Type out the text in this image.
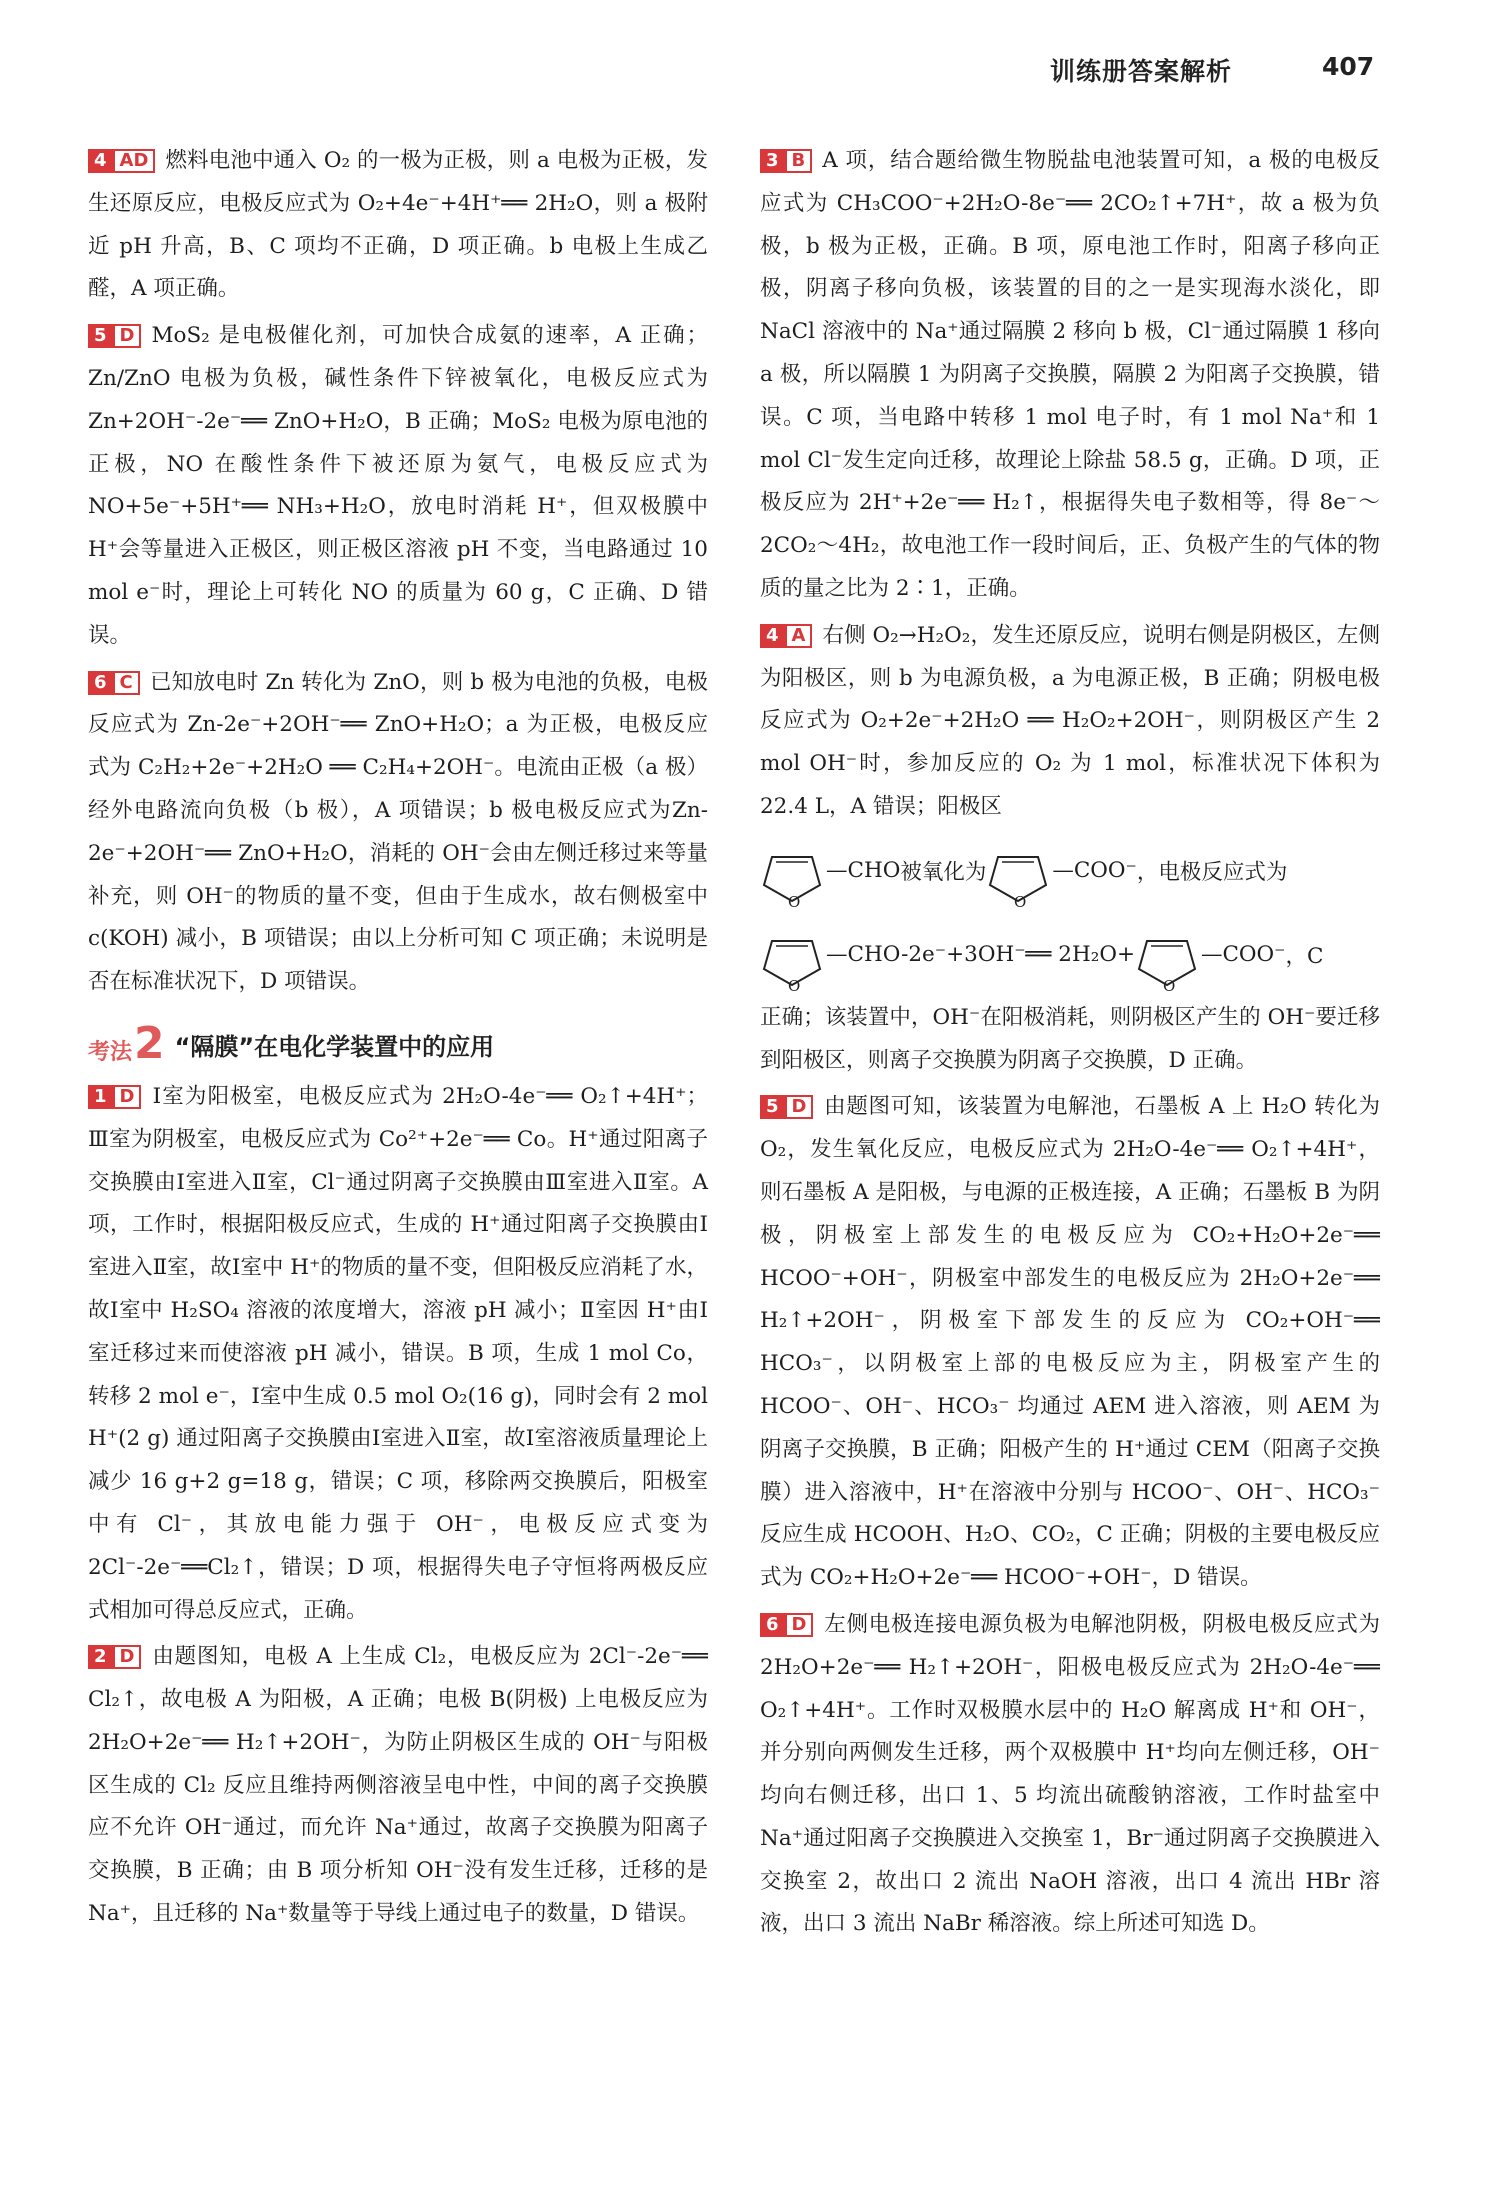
训练册答案解析	407

4 AD 燃料电池中通入 O₂ 的一极为正极，则 a 电极为正极，发生还原反应，电极反应式为 O₂+4e⁻+4H⁺══ 2H₂O，则 a 极附近 pH 升高，B、C 项均不正确，D 项正确。b 电极上生成乙醛，A 项正确。

5 D MoS₂ 是电极催化剂，可加快合成氨的速率，A 正确；Zn/ZnO 电极为负极，碱性条件下锌被氧化，电极反应式为 Zn+2OH⁻-2e⁻══ ZnO+H₂O，B 正确；MoS₂ 电极为原电池的正极，NO 在酸性条件下被还原为氨气，电极反应式为 NO+5e⁻+5H⁺══ NH₃+H₂O，放电时消耗 H⁺，但双极膜中 H⁺会等量进入正极区，则正极区溶液 pH 不变，当电路通过 10 mol e⁻时，理论上可转化 NO 的质量为 60 g，C 正确、D 错误。

6 C 已知放电时 Zn 转化为 ZnO，则 b 极为电池的负极，电极反应式为 Zn-2e⁻+2OH⁻══ ZnO+H₂O；a 为正极，电极反应式为 C₂H₂+2e⁻+2H₂O ══ C₂H₄+2OH⁻。电流由正极（a 极）经外电路流向负极（b 极），A 项错误；b 极电极反应式为Zn-2e⁻+2OH⁻══ ZnO+H₂O，消耗的 OH⁻会由左侧迁移过来等量补充，则 OH⁻的物质的量不变，但由于生成水，故右侧极室中 c(KOH) 减小，B 项错误；由以上分析可知 C 项正确；未说明是否在标准状况下，D 项错误。

考法 2 “隔膜”在电化学装置中的应用

1 D Ⅰ室为阳极室，电极反应式为 2H₂O-4e⁻══ O₂↑+4H⁺；Ⅲ室为阴极室，电极反应式为 Co²⁺+2e⁻══ Co。H⁺通过阳离子交换膜由Ⅰ室进入Ⅱ室，Cl⁻通过阴离子交换膜由Ⅲ室进入Ⅱ室。A 项，工作时，根据阳极反应式，生成的 H⁺通过阳离子交换膜由Ⅰ室进入Ⅱ室，故Ⅰ室中 H⁺的物质的量不变，但阳极反应消耗了水，故Ⅰ室中 H₂SO₄ 溶液的浓度增大，溶液 pH 减小；Ⅱ室因 H⁺由Ⅰ室迁移过来而使溶液 pH 减小，错误。B 项，生成 1 mol Co，转移 2 mol e⁻，Ⅰ室中生成 0.5 mol O₂(16 g)，同时会有 2 mol H⁺(2 g) 通过阳离子交换膜由Ⅰ室进入Ⅱ室，故Ⅰ室溶液质量理论上减少 16 g+2 g=18 g，错误；C 项，移除两交换膜后，阳极室中有 Cl⁻，其放电能力强于 OH⁻，电极反应式变为 2Cl⁻-2e⁻══Cl₂↑，错误；D 项，根据得失电子守恒将两极反应式相加可得总反应式，正确。

2 D 由题图知，电极 A 上生成 Cl₂，电极反应为 2Cl⁻-2e⁻══ Cl₂↑，故电极 A 为阳极，A 正确；电极 B(阴极) 上电极反应为 2H₂O+2e⁻══ H₂↑+2OH⁻，为防止阴极区生成的 OH⁻与阳极区生成的 Cl₂ 反应且维持两侧溶液呈电中性，中间的离子交换膜应不允许 OH⁻通过，而允许 Na⁺通过，故离子交换膜为阳离子交换膜，B 正确；由 B 项分析知 OH⁻没有发生迁移，迁移的是 Na⁺，且迁移的 Na⁺数量等于导线上通过电子的数量，D 错误。

3 B A 项，结合题给微生物脱盐电池装置可知，a 极的电极反应式为 CH₃COO⁻+2H₂O-8e⁻══ 2CO₂↑+7H⁺，故 a 极为负极，b 极为正极，正确。B 项，原电池工作时，阳离子移向正极，阴离子移向负极，该装置的目的之一是实现海水淡化，即 NaCl 溶液中的 Na⁺通过隔膜 2 移向 b 极，Cl⁻通过隔膜 1 移向 a 极，所以隔膜 1 为阴离子交换膜，隔膜 2 为阳离子交换膜，错误。C 项，当电路中转移 1 mol 电子时，有 1 mol Na⁺和 1 mol Cl⁻发生定向迁移，故理论上除盐 58.5 g，正确。D 项，正极反应为 2H⁺+2e⁻══ H₂↑，根据得失电子数相等，得 8e⁻～2CO₂～4H₂，故电池工作一段时间后，正、负极产生的气体的物质的量之比为 2∶1，正确。

4 A 右侧 O₂→H₂O₂，发生还原反应，说明右侧是阴极区，左侧为阳极区，则 b 为电源负极，a 为电源正极，B 正确；阴极电极反应式为 O₂+2e⁻+2H₂O ══ H₂O₂+2OH⁻，则阴极区产生 2 mol OH⁻时，参加反应的 O₂ 为 1 mol，标准状况下体积为 22.4 L，A 错误；阳极区

O
—CHO 被氧化为
O
—COO⁻ ，电极反应式为
O
—CHO-2e⁻+3OH⁻══ 2H₂O+
O
—COO⁻ ，C

正确；该装置中，OH⁻在阳极消耗，则阴极区产生的 OH⁻要迁移到阳极区，则离子交换膜为阴离子交换膜，D 正确。

5 D 由题图可知，该装置为电解池，石墨板 A 上 H₂O 转化为 O₂，发生氧化反应，电极反应式为 2H₂O-4e⁻══ O₂↑+4H⁺，则石墨板 A 是阳极，与电源的正极连接，A 正确；石墨板 B 为阴极，阴极室上部发生的电极反应为 CO₂+H₂O+2e⁻══ HCOO⁻+OH⁻，阴极室中部发生的电极反应为 2H₂O+2e⁻══ H₂↑+2OH⁻，阴极室下部发生的反应为 CO₂+OH⁻══ HCO₃⁻，以阴极室上部的电极反应为主，阴极室产生的 HCOO⁻、OH⁻、HCO₃⁻ 均通过 AEM 进入溶液，则 AEM 为阴离子交换膜，B 正确；阳极产生的 H⁺通过 CEM（阳离子交换膜）进入溶液中，H⁺在溶液中分别与 HCOO⁻、OH⁻、HCO₃⁻ 反应生成 HCOOH、H₂O、CO₂，C 正确；阴极的主要电极反应式为 CO₂+H₂O+2e⁻══ HCOO⁻+OH⁻，D 错误。

6 D 左侧电极连接电源负极为电解池阴极，阴极电极反应式为 2H₂O+2e⁻══ H₂↑+2OH⁻，阳极电极反应式为 2H₂O-4e⁻══ O₂↑+4H⁺。工作时双极膜水层中的 H₂O 解离成 H⁺和 OH⁻，并分别向两侧发生迁移，两个双极膜中 H⁺均向左侧迁移，OH⁻均向右侧迁移，出口 1、5 均流出硫酸钠溶液，工作时盐室中 Na⁺通过阳离子交换膜进入交换室 1，Br⁻通过阴离子交换膜进入交换室 2，故出口 2 流出 NaOH 溶液，出口 4 流出 HBr 溶液，出口 3 流出 NaBr 稀溶液。综上所述可知选 D。
